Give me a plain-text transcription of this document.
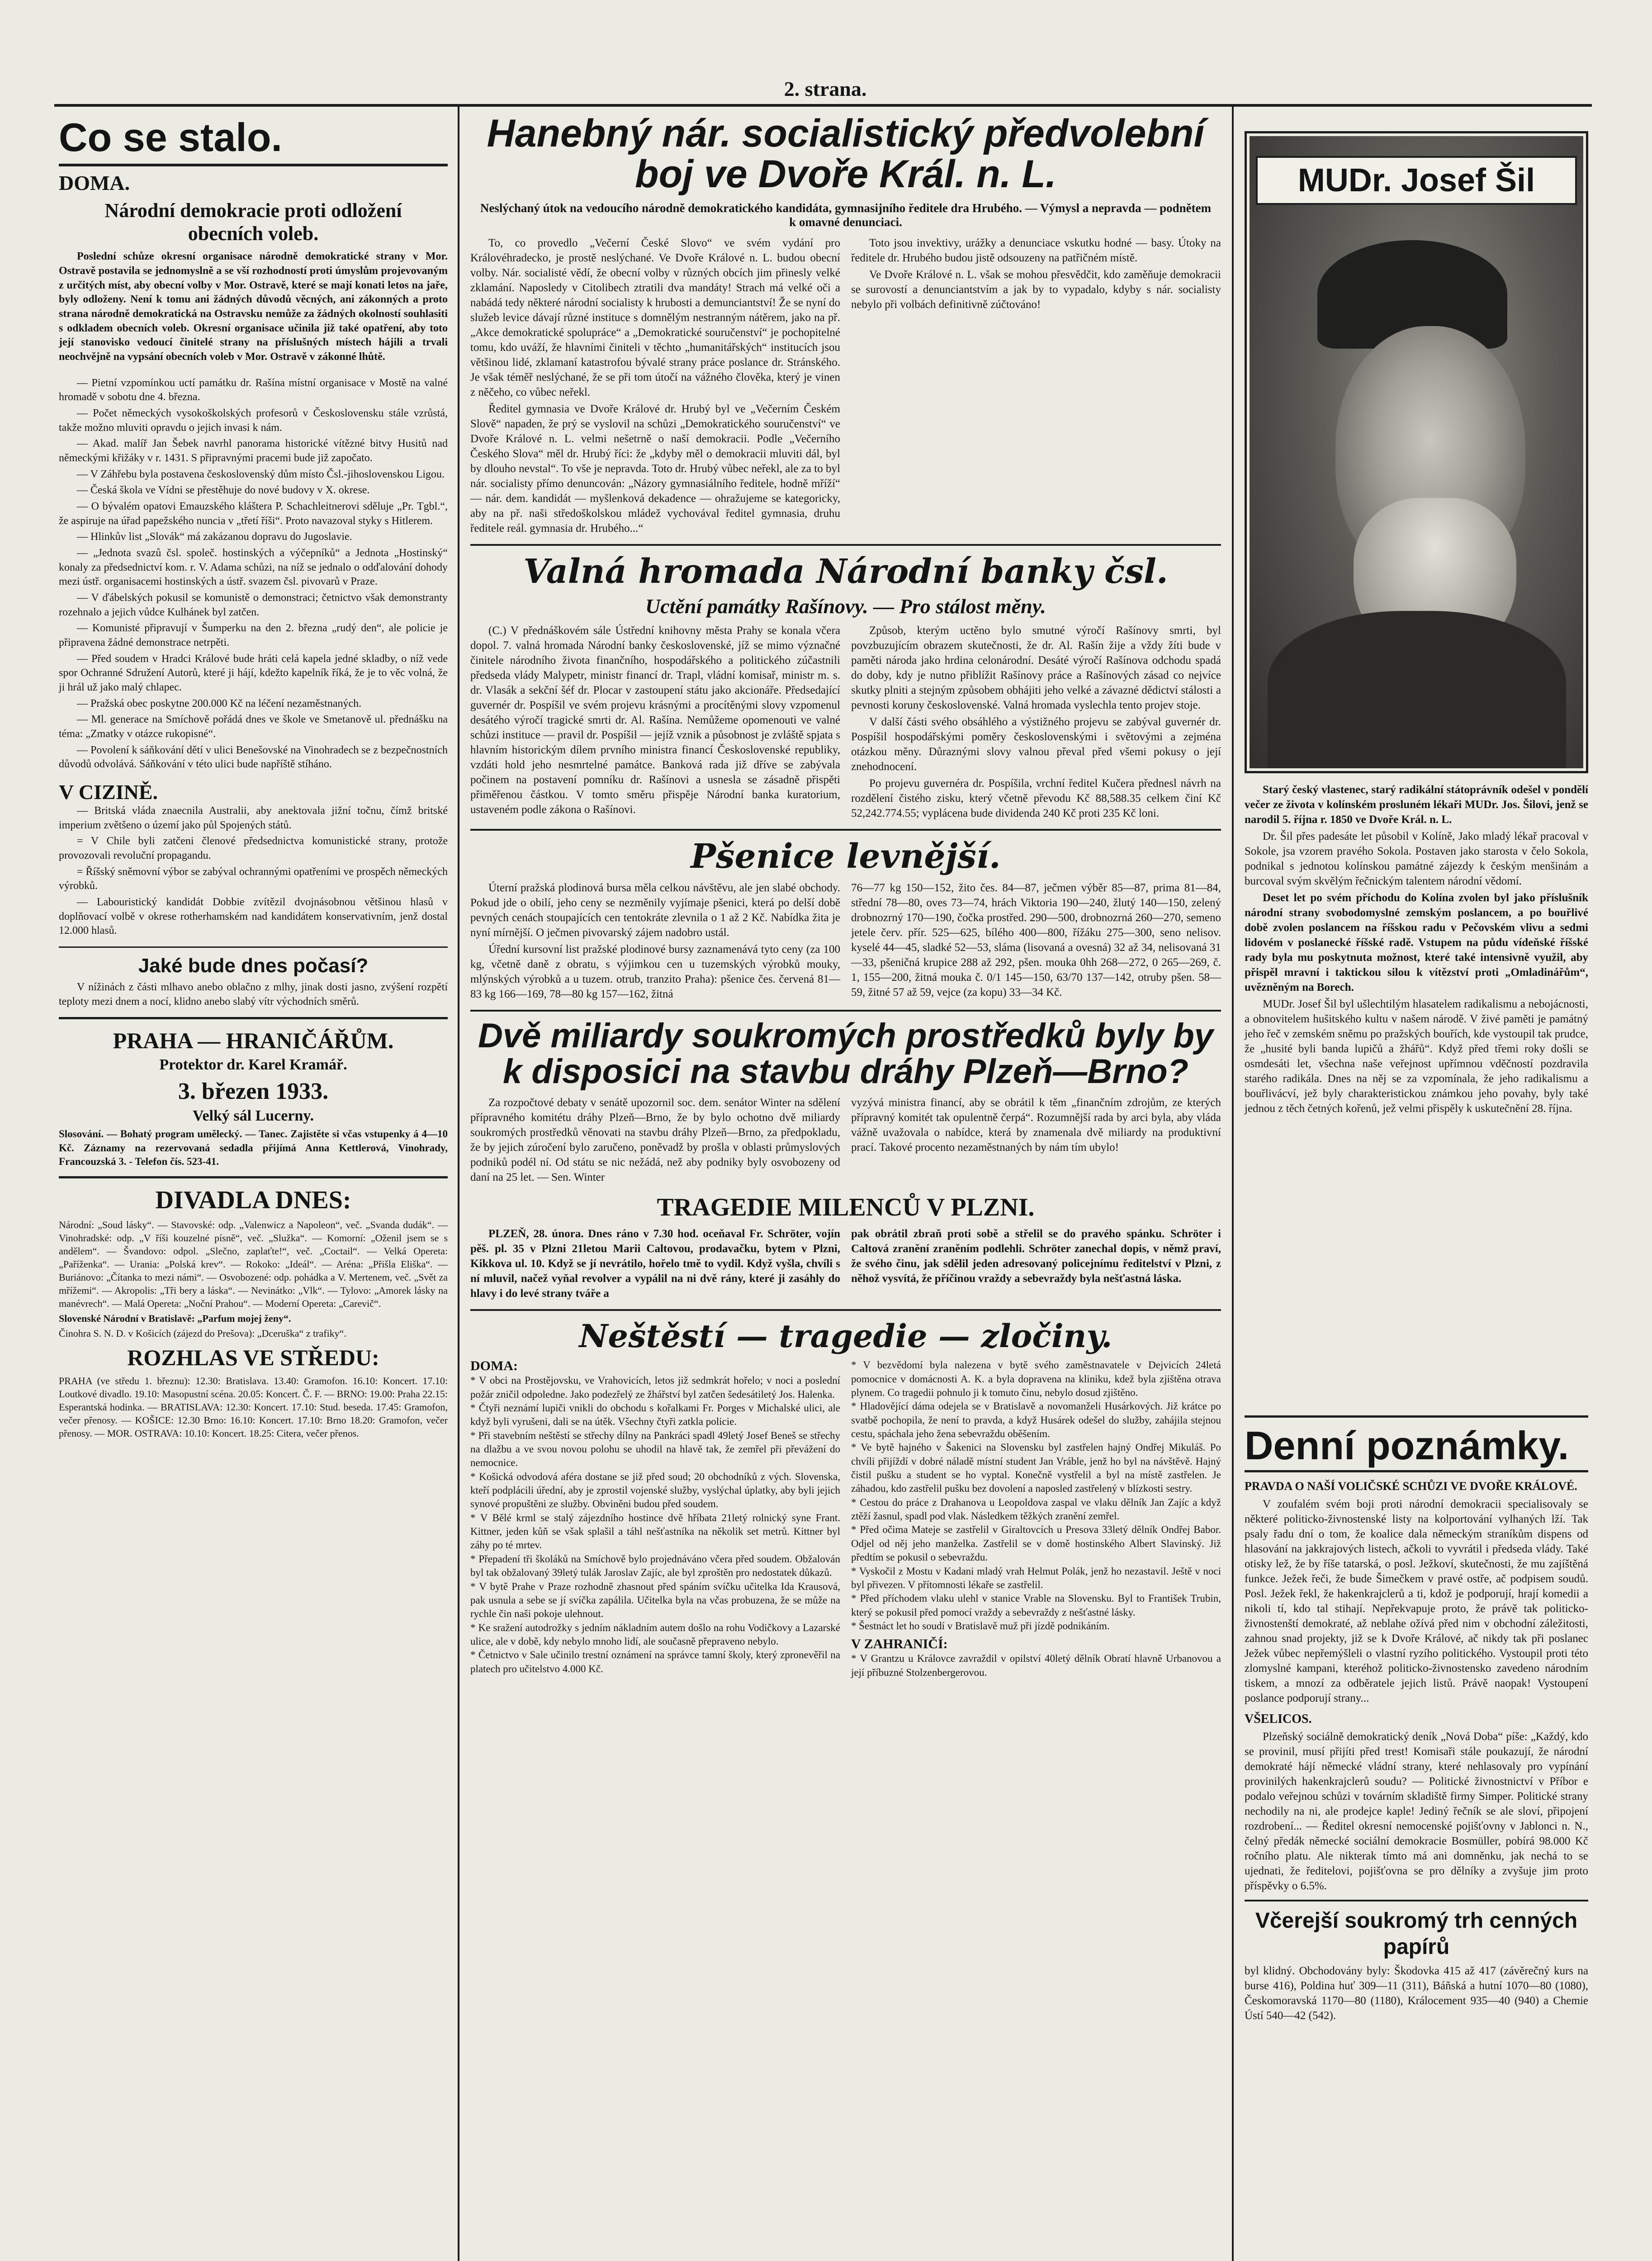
2. strana.
Co se stalo.
DOMA.
Národní demokracie proti odložení obecních voleb.

Poslední schůze okresní organisace národně demokratické strany v Mor. Ostravě postavila se jednomyslně a se vší rozhodností proti úmyslům projevovaným z určitých míst, aby obecní volby v Mor. Ostravě, které se mají konati letos na jaře, byly odloženy. Není k tomu ani žádných důvodů věcných, ani zákonných a proto strana národně demokratická na Ostravsku nemůže za žádných okolností souhlasiti s odkladem obecních voleb. Okresní organisace učinila již také opatření, aby toto její stanovisko vedoucí činitelé strany na příslušných místech hájili a trvali neochvějně na vypsání obecních voleb v Mor. Ostravě v zákonné lhůtě.

— Pietní vzpomínkou uctí památku dr. Rašína místní organisace v Mostě na valné hromadě v sobotu dne 4. března.

— Počet německých vysokoškolských profesorů v Československu stále vzrůstá, takže možno mluviti opravdu o jejich invasi k nám.

— Akad. malíř Jan Šebek navrhl panorama historické vítězné bitvy Husitů nad německými křižáky v r. 1431. S připravnými pracemi bude již započato.

— V Záhřebu byla postavena československý dům místo Čsl.-jihoslovenskou Ligou.

— Česká škola ve Vídni se přestěhuje do nové budovy v X. okrese.

— O bývalém opatovi Emauzského kláštera P. Schachleitnerovi sděluje „Pr. Tgbl.“, že aspiruje na úřad papežského nuncia v „třetí říši“. Proto navazoval styky s Hitlerem.

— Hlinkův list „Slovák“ má zakázanou dopravu do Jugoslavie.

— „Jednota svazů čsl. společ. hostinských a výčepníků“ a Jednota „Hostinský“ konaly za předsednictví kom. r. V. Adama schůzi, na níž se jednalo o odďalování dohody mezi ústř. organisacemi hostinských a ústř. svazem čsl. pivovarů v Praze.

— V ďábelských pokusil se komunistě o demonstraci; četnictvo však demonstranty rozehnalo a jejich vůdce Kulhánek byl zatčen.

— Komunisté připravují v Šumperku na den 2. března „rudý den“, ale policie je připravena žádné demonstrace netrpěti.

— Před soudem v Hradci Králové bude hráti celá kapela jedné skladby, o níž vede spor Ochranné Sdružení Autorů, které ji hájí, kdežto kapelník říká, že je to věc volná, že ji hrál už jako malý chlapec.

— Pražská obec poskytne 200.000 Kč na léčení nezaměstnaných.

— Ml. generace na Smíchově pořádá dnes ve škole ve Smetanově ul. přednášku na téma: „Zmatky v otázce rukopisné“.

— Povolení k sáňkování dětí v ulici Benešovské na Vinohradech se z bezpečnostních důvodů odvolává. Sáňkování v této ulici bude napříště stíháno.

V CIZINĚ.

— Britská vláda znaecnila Australii, aby anektovala jižní točnu, čímž britské imperium zvětšeno o území jako půl Spojených států.

= V Chile byli zatčeni členové předsednictva komunistické strany, protože provozovali revoluční propagandu.

= Říšský sněmovní výbor se zabýval ochrannými opatřeními ve prospěch německých výrobků.

— Labouristický kandidát Dobbie zvítězil dvojnásobnou většinou hlasů v doplňovací volbě v okrese rotherhamském nad kandidátem konservativním, jenž dostal 12.000 hlasů.

Jaké bude dnes počasí?

V nížinách z části mlhavo anebo oblačno z mlhy, jinak dosti jasno, zvýšení rozpětí teploty mezi dnem a nocí, klidno anebo slabý vítr východních směrů.

PRAHA — HRANIČÁŘŮM.
Protektor dr. Karel Kramář.
3. březen 1933.
Velký sál Lucerny.

Slosování. — Bohatý program umělecký. — Tanec. Zajistěte si včas vstupenky á 4—10 Kč. Záznamy na rezervovaná sedadla přijímá Anna Kettlerová, Vinohrady, Francouzská 3. - Telefon čís. 523-41.

DIVADLA DNES:

Národní: „Soud lásky“. — Stavovské: odp. „Valenwicz a Napoleon“, več. „Svanda dudák“. — Vinohradské: odp. „V říši kouzelné písně“, več. „Služka“. — Komorní: „Oženil jsem se s andělem“. — Švandovo: odpol. „Slečno, zaplaťte!“, več. „Coctail“. — Velká Opereta: „Paříženka“. — Urania: „Polská krev“. — Rokoko: „Ideál“. — Aréna: „Přišla Eliška“. — Buriánovo: „Čítanka to mezi námi“. — Osvobozené: odp. pohádka a V. Mertenem, več. „Svět za mřížemi“. — Akropolis: „Tři bery a láska“. — Nevinátko: „Vlk“. — Tylovo: „Amorek lásky na manévrech“. — Malá Opereta: „Noční Prahou“. — Moderní Opereta: „Carevič“.

Slovenské Národní v Bratislavě: „Parfum mojej ženy“.

Činohra S. N. D. v Košicích (zájezd do Prešova): „Dceruška“ z trafiky“.

ROZHLAS VE STŘEDU:

PRAHA (ve středu 1. březnu): 12.30: Bratislava. 13.40: Gramofon. 16.10: Koncert. 17.10: Loutkové divadlo. 19.10: Masopustní scéna. 20.05: Koncert. Č. F. — BRNO: 19.00: Praha 22.15: Esperantská hodinka. — BRATISLAVA: 12.30: Koncert. 17.10: Stud. beseda. 17.45: Gramofon, večer přenosy. — KOŠICE: 12.30 Brno: 16.10: Koncert. 17.10: Brno 18.20: Gramofon, večer přenosy. — MOR. OSTRAVA: 10.10: Koncert. 18.25: Citera, večer přenos.

Hanebný nár. socialistický předvolební boj ve Dvoře Král. n. L.
Neslýchaný útok na vedoucího národně demokratického kandidáta, gymnasijního ředitele dra Hrubého. — Výmysl a nepravda — podnětem k omavné denunciaci.

To, co provedlo „Večerní České Slovo“ ve svém vydání pro Královéhradecko, je prostě neslýchané. Ve Dvoře Králové n. L. budou obecní volby. Nár. socialisté vědí, že obecní volby v různých obcích jim přinesly velké zklamání. Naposledy v Citolibech ztratili dva mandáty! Strach má velké oči a nabádá tedy některé národní socialisty k hrubosti a demunciantství! Že se nyní do služeb levice dávají různé instituce s domnělým nestranným nátěrem, jako na př. „Akce demokratické spolupráce“ a „Demokratické souručenství“ je pochopitelné tomu, kdo uváží, že hlavními činiteli v těchto „humanitářských“ institucích jsou většinou lidé, zklamaní katastrofou bývalé strany práce poslance dr. Stránského. Je však téměř neslýchané, že se při tom útočí na vážného člověka, který je vinen z něčeho, co vůbec neřekl.

Ředitel gymnasia ve Dvoře Králové dr. Hrubý byl ve „Večerním Českém Slově“ napaden, že prý se vyslovil na schůzi „Demokratického souručenství“ ve Dvoře Králové n. L. velmi nešetrně o naší demokracii. Podle „Večerního Českého Slova“ měl dr. Hrubý říci: že „kdyby měl o demokracii mluviti dál, byl by dlouho nevstal“. To vše je nepravda. Toto dr. Hrubý vůbec neřekl, ale za to byl nár. socialisty přímo denuncován: „Názory gymnasiálního ředitele, hodně mříží“ — nár. dem. kandidát — myšlenková dekadence — ohražujeme se kategoricky, aby na př. naši středoškolskou mládež vychovával ředitel gymnasia, druhu ředitele reál. gymnasia dr. Hrubého...“

Toto jsou invektivy, urážky a denunciace vskutku hodné — basy. Útoky na ředitele dr. Hrubého budou jistě odsouzeny na patřičném místě.

Ve Dvoře Králové n. L. však se mohou přesvědčit, kdo zaměňuje demokracii se surovostí a denunciantstvím a jak by to vypadalo, kdyby s nár. socialisty nebylo při volbách definitivně zúčtováno!

Valná hromada Národní banky čsl.
Uctění památky Rašínovy. — Pro stálost měny.

(C.) V přednáškovém sále Ústřední knihovny města Prahy se konala včera dopol. 7. valná hromada Národní banky československé, jíž se mimo význačné činitele národního života finančního, hospodářského a politického zúčastnili předseda vlády Malypetr, ministr financí dr. Trapl, vládní komisař, ministr m. s. dr. Vlasák a sekční šéf dr. Plocar v zastoupení státu jako akcionáře. Předsedající guvernér dr. Pospíšil ve svém projevu krásnými a procítěnými slovy vzpomenul desátého výročí tragické smrti dr. Al. Rašína. Nemůžeme opomenouti ve valné schůzi instituce — pravil dr. Pospíšil — jejíž vznik a působnost je zvláště spjata s hlavním historickým dílem prvního ministra financí Československé republiky, vzdáti hold jeho nesmrtelné památce. Banková rada již dříve se zabývala počinem na postavení pomníku dr. Rašínovi a usnesla se zásadně přispěti přiměřenou částkou. V tomto směru přispěje Národní banka kuratorium, ustaveném podle zákona o Rašínovi.

Způsob, kterým uctěno bylo smutné výročí Rašínovy smrti, byl povzbuzujícím obrazem skutečnosti, že dr. Al. Rašín žije a vždy žíti bude v paměti národa jako hrdina celonárodní. Desáté výročí Rašínova odchodu spadá do doby, kdy je nutno přiblížit Rašínovy práce a Rašínových zásad co nejvíce skutky plniti a stejným způsobem obhájiti jeho velké a závazné dědictví stálosti a pevnosti koruny československé. Valná hromada vyslechla tento projev stoje.

V další části svého obsáhlého a výstižného projevu se zabýval guvernér dr. Pospíšil hospodářskými poměry československými i světovými a zejména otázkou měny. Důraznými slovy valnou převal před všemi pokusy o její znehodnocení.

Po projevu guvernéra dr. Pospíšila, vrchní ředitel Kučera přednesl návrh na rozdělení čistého zisku, který včetně převodu Kč 88,588.35 celkem činí Kč 52,242.774.55; vyplácena bude dividenda 240 Kč proti 235 Kč loni.

Pšenice levnější.

Úterní pražská plodinová bursa měla celkou návštěvu, ale jen slabé obchody. Pokud jde o obilí, jeho ceny se nezměnily vyjímaje pšenici, která po delší době pevných cenách stoupajících cen tentokráte zlevnila o 1 až 2 Kč. Nabídka žita je nyní mírnější. O ječmen pivovarský zájem nadobro ustál.

Úřední kursovní list pražské plodinové bursy zaznamenává tyto ceny (za 100 kg, včetně daně z obratu, s výjimkou cen u tuzemských výrobků mouky, mlýnských výrobků a u tuzem. otrub, tranzito Praha): pšenice čes. červená 81—83 kg 166—169, 78—80 kg 157—162, žitná

76—77 kg 150—152, žito čes. 84—87, ječmen výběr 85—87, prima 81—84, střední 78—80, oves 73—74, hrách Viktoria 190—240, žlutý 140—150, zelený drobnozrný 170—190, čočka prostřed. 290—500, drobnozrná 260—270, semeno jetele červ. přír. 525—625, bílého 400—800, řížáku 275—300, seno nelisov. kyselé 44—45, sladké 52—53, sláma (lisovaná a ovesná) 32 až 34, nelisovaná 31—33, pšeničná krupice 288 až 292, pšen. mouka 0hh 268—272, 0 265—269, č. 1, 155—200, žitná mouka č. 0/1 145—150, 63/70 137—142, otruby pšen. 58—59, žitné 57 až 59, vejce (za kopu) 33—34 Kč.

Dvě miliardy soukromých prostředků byly by k disposici na stavbu dráhy Plzeň—Brno?

Za rozpočtové debaty v senátě upozornil soc. dem. senátor Winter na sdělení přípravného komitétu dráhy Plzeň—Brno, že by bylo ochotno dvě miliardy soukromých prostředků věnovati na stavbu dráhy Plzeň—Brno, za předpokladu, že by jejich zúročení bylo zaručeno, poněvadž by prošla v oblasti průmyslových podniků podél ní. Od státu se nic nežádá, než aby podniky byly osvobozeny od daní na 25 let. — Sen. Winter

vyzývá ministra financí, aby se obrátil k těm „finančním zdrojům, ze kterých přípravný komitét tak opulentně čerpá“. Rozumnější rada by arci byla, aby vláda vážně uvažovala o nabídce, která by znamenala dvě miliardy na produktivní prací. Takové procento nezaměstnaných by nám tím ubylo!

TRAGEDIE MILENCŮ V PLZNI.

PLZEŇ, 28. února. Dnes ráno v 7.30 hod. oceňaval Fr. Schröter, vojín pěš. pl. 35 v Plzni 21letou Marii Caltovou, prodavačku, bytem v Plzni, Kikkova ul. 10. Když se jí nevrátilo, hořelo tmě to vydil. Když vyšla, chvíli s ní mluvil, načež vyňal revolver a vypálil na ni dvě rány, které ji zasáhly do hlavy i do levé strany tváře a

pak obrátil zbraň proti sobě a střelil se do pravého spánku. Schröter i Caltová zranění zraněním podlehli. Schröter zanechal dopis, v němž praví, že svého činu, jak sdělil jeden adresovaný policejnímu ředitelství v Plzni, z něhož vysvítá, že příčinou vraždy a sebevraždy byla nešťastná láska.

Neštěstí — tragedie — zločiny.
DOMA:
* V obci na Prostějovsku, ve Vrahovicích, letos již sedmkrát hořelo; v noci a poslední požár zničil odpoledne. Jako podezřelý ze žhářství byl zatčen šedesátiletý Jos. Halenka.
* Čtyři neznámí lupiči vnikli do obchodu s kořalkami Fr. Porges v Michalské ulici, ale když byli vyrušeni, dali se na útěk. Všechny čtyři zatkla policie.
* Při stavebním neštěstí se střechy dílny na Pankráci spadl 49letý Josef Beneš se střechy na dlažbu a ve svou novou polohu se uhodil na hlavě tak, že zemřel při převážení do nemocnice.
* Košická odvodová aféra dostane se již před soud; 20 obchodníků z vých. Slovenska, kteří podplácili úřední, aby je zprostil vojenské služby, vyslýchal úplatky, aby byli jejich synové propuštěni ze služby. Obviněni budou před soudem.
* V Bělé krml se stalý zájezdního hostince dvě hříbata 21letý rolnický syne Frant. Kittner, jeden kůň se však splašil a táhl nešťastníka na několik set metrů. Kittner byl záhy po té mrtev.
* Přepadení tři školáků na Smíchově bylo projednáváno včera před soudem. Obžalován byl tak obžalovaný 39letý tulák Jaroslav Zajíc, ale byl zproštěn pro nedostatek důkazů.
* V bytě Prahe v Praze rozhodně zhasnout před spáním svíčku učitelka Ida Krausová, pak usnula a sebe se jí svíčka zapálila. Učitelka byla na včas probuzena, že se může na rychle čin naši pokoje ulehnout.
* Ke sražení autodrožky s jedním nákladním autem došlo na rohu Vodičkovy a Lazarské ulice, ale v době, kdy nebylo mnoho lidí, ale současně přepraveno nebylo.
* Četnictvo v Sale učinilo trestní oznámení na správce tamní školy, který zpronevěřil na platech pro učitelstvo 4.000 Kč.
* V bezvědomí byla nalezena v bytě svého zaměstnavatele v Dejvicích 24letá pomocnice v domácnosti A. K. a byla dopravena na kliniku, kdež byla zjištěna otrava plynem. Co tragedii pohnulo ji k tomuto činu, nebylo dosud zjištěno.
* Hladovějící dáma odejela se v Bratislavě a novomanželi Husárkových. Již krátce po svatbě pochopila, že není to pravda, a když Husárek odešel do služby, zahájila stejnou cestu, spáchala jeho žena sebevraždu oběšením.
* Ve bytě hajného v Šakenici na Slovensku byl zastřelen hajný Ondřej Mikuláš. Po chvíli přijíždí v dobré náladě místní student Jan Vráble, jenž ho byl na návštěvě. Hajný čistil pušku a student se ho vyptal. Konečně vystřelil a byl na místě zastřelen. Je záhadou, kdo zastřelil pušku bez dovolení a naposled zastřelený v blízkosti sestry.
* Cestou do práce z Drahanova u Leopoldova zaspal ve vlaku dělník Jan Zajíc a když ztěží žasnul, spadl pod vlak. Následkem těžkých zranění zemřel.
* Před očima Mateje se zastřelil v Giraltovcích u Presova 33letý dělník Ondřej Babor. Odjel od něj jeho manželka. Zastřelil se v domě hostinského Albert Slavinský. Již předtím se pokusil o sebevraždu.
* Vyskočil z Mostu v Kadani mladý vrah Helmut Polák, jenž ho nezastavil. Ještě v noci byl přivezen. V přítomnosti lékaře se zastřelil.
* Před příchodem vlaku ulehl v stanice Vrable na Slovensku. Byl to František Trubin, který se pokusil před pomocí vraždy a sebevraždy z nešťastné lásky.
* Šestnáct let ho soudí v Bratislavě muž při jízdě podnikáním.
V ZAHRANIČÍ:
* V Grantzu u Královce zavraždil v opilství 40letý dělník Obratí hlavně Urbanovou a její příbuzné Stolzenbergerovou.
MUDr. Josef Šil

Starý český vlastenec, starý radikální státoprávník odešel v pondělí večer ze života v kolínském prosluném lékaři MUDr. Jos. Šilovi, jenž se narodil 5. října r. 1850 ve Dvoře Král. n. L.

Dr. Šil přes padesáte let působil v Kolíně, Jako mladý lékař pracoval v Sokole, jsa vzorem pravého Sokola. Postaven jako starosta v čelo Sokola, podnikal s jednotou kolínskou památné zájezdy k českým menšinám a burcoval svým skvělým řečnickým talentem národní vědomí.

Deset let po svém příchodu do Kolína zvolen byl jako příslušník národní strany svobodomyslné zemským poslancem, a po bouřlivé době zvolen poslancem na říšskou radu v Pečovském vlivu a sedmi lidovém v poslanecké říšské radě. Vstupem na půdu vídeňské říšské rady byla mu poskytnuta možnost, které také intensivně využil, aby přispěl mravní i taktickou silou k vítězství proti „Omladinářům“, uvězněným na Borech.

MUDr. Josef Šil byl ušlechtilým hlasatelem radikalismu a nebojácnosti, a obnovitelem hušitského kultu v našem národě. V živé paměti je památný jeho řeč v zemském sněmu po pražských bouřích, kde vystoupil tak prudce, že „husité byli banda lupičů a žhářů“. Když před třemi roky došli se osmdesáti let, všechna naše veřejnost upřímnou vděčností pozdravila starého radikála. Dnes na něj se za vzpomínala, že jeho radikalismu a bouřlivácví, jež byly charakteristickou známkou jeho povahy, byly také jednou z těch četných kořenů, jež velmi přispěly k uskutečnění 28. října.

Denní poznámky.
PRAVDA O NAŠÍ VOLIČSKÉ SCHŮZI VE DVOŘE KRÁLOVÉ.

V zoufalém svém boji proti národní demokracii specialisovaly se některé politicko-živnostenské listy na kolportování vylhaných lží. Tak psaly řadu dní o tom, že koalice dala německým straníkům dispens od hlasování na jakkrajových listech, ačkoli to vyvrátil i předseda vlády. Také otisky lež, že by říše tatarská, o posl. Ježkoví, skutečnosti, že mu zajíštěná funkce. Ježek řeči, že bude Šimečkem v pravé ostře, ač podpisem soudů. Posl. Ježek řekl, že hakenkrajclerů a ti, kdož je podporují, hrají komedii a nikoli tí, kdo tal stihají. Nepřekvapuje proto, že právě tak politicko-živnostenští demokraté, až neblahe ožívá před nim v obchodní záležitosti, zahnou snad projekty, již se k Dvoře Králové, ač nikdy tak při poslanec Ježek vůbec nepřemýšleli o vlastní ryzího politického. Vystoupil proti této zlomyslné kampani, kteréhož politicko-živnostensko zavedeno národním tiskem, a mnozí za odběratele jejich listů. Právě naopak! Vystoupení poslance podporují strany...

VŠELICOS.

Plzeňský sociálně demokratický deník „Nová Doba“ píše: „Každý, kdo se provinil, musí přijíti před trest! Komisaři stále poukazují, že národní demokraté hájí německé vládní strany, které nehlasovaly pro vypínání provinilých hakenkrajclerů soudu? — Politické živnostnictví v Příbor e podalo veřejnou schůzi v továrním skladiště firmy Simper. Politické strany nechodily na ni, ale prodejce kaple! Jediný řečník se ale sloví, připojení rozdrobení... — Ředitel okresní nemocenské pojišťovny v Jablonci n. N., čelný předák německé sociální demokracie Bosmüller, pobírá 98.000 Kč ročního platu. Ale nikterak tímto má ani domněnku, jak nechá to se ujednati, že ředitelovi, pojišťovna se pro dělníky a zvyšuje jim proto příspěvky o 6.5%.

Včerejší soukromý trh cenných papírů

byl klidný. Obchodovány byly: Škodovka 415 až 417 (závěrečný kurs na burse 416), Poldina huť 309—11 (311), Báňská a hutní 1070—80 (1080), Českomoravská 1170—80 (1180), Králocement 935—40 (940) a Chemie Ústí 540—42 (542).
